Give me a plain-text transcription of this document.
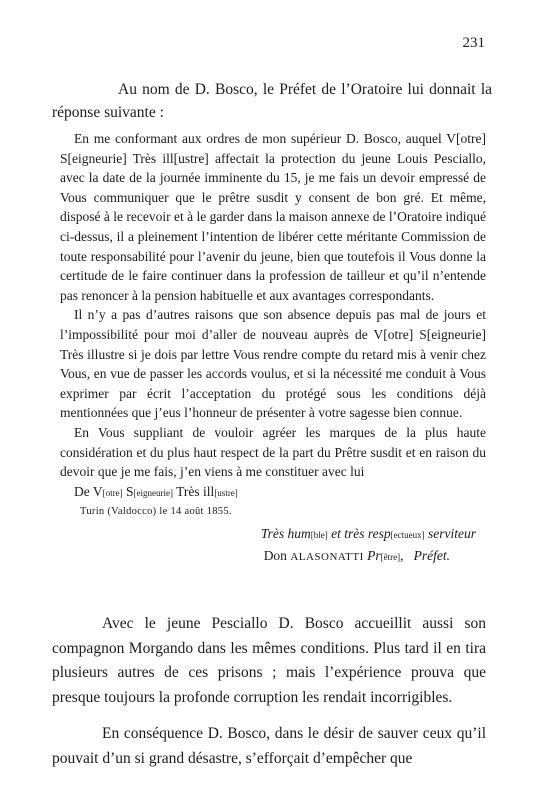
231
Au nom de D. Bosco, le Préfet de l’Oratoire lui donnait la réponse suivante :

En me conformant aux ordres de mon supérieur D. Bosco, auquel V[otre] S[eigneurie] Très ill[ustre] affectait la protection du jeune Louis Pesciallo, avec la date de la journée imminente du 15, je me fais un devoir empressé de Vous communiquer que le prêtre susdit y consent de bon gré. Et même, disposé à le recevoir et à le garder dans la maison annexe de l’Oratoire indiqué ci-dessus, il a pleinement l’intention de libérer cette méritante Commission de toute responsabilité pour l’avenir du jeune, bien que toutefois il Vous donne la certitude de le faire continuer dans la profession de tailleur et qu’il n’entende pas renoncer à la pension habituelle et aux avantages correspondants.

Il n’y a pas d’autres raisons que son absence depuis pas mal de jours et l’impossibilité pour moi d’aller de nouveau auprès de V[otre] S[eigneurie] Très illustre si je dois par lettre Vous rendre compte du retard mis à venir chez Vous, en vue de passer les accords voulus, et si la nécessité me conduit à Vous exprimer par écrit l’acceptation du protégé sous les conditions déjà mentionnées que j’eus l’honneur de présenter à votre sagesse bien connue.

En Vous suppliant de vouloir agréer les marques de la plus haute considération et du plus haut respect de la part du Prêtre susdit et en raison du devoir que je me fais, j’en viens à me constituer avec lui

De V[otre] S[eigneurie] Très ill[ustre]

Turin (Valdocco) le 14 août 1855.
Très hum[ble] et très resp[ectueux] serviteur
Don ALASONATTI Pr[être], Préfet.

Avec le jeune Pesciallo D. Bosco accueillit aussi son compagnon Morgando dans les mêmes conditions. Plus tard il en tira plusieurs autres de ces prisons ; mais l’expérience prouva que presque toujours la profonde corruption les rendait incorrigibles.

En conséquence D. Bosco, dans le désir de sauver ceux qu’il pouvait d’un si grand désastre, s’efforçait d’empêcher que
